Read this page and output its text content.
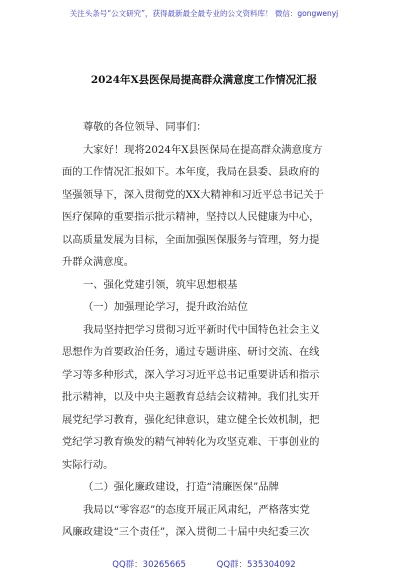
关注头条号“公文研究”，获得最新最全最专业的公文资料库！ 微信：gongwenyj
2024年X县医保局提高群众满意度工作情况汇报

尊敬的各位领导、同事们：

大家好！现将2024年X县医保局在提高群众满意度方

面的工作情况汇报如下。本年度，我局在县委、县政府的

坚强领导下，深入贯彻党的XX大精神和习近平总书记关于

医疗保障的重要指示批示精神，坚持以人民健康为中心，

以高质量发展为目标，全面加强医保服务与管理，努力提

升群众满意度。

一、强化党建引领，筑牢思想根基

（一）加强理论学习，提升政治站位

我局坚持把学习贯彻习近平新时代中国特色社会主义

思想作为首要政治任务，通过专题讲座、研讨交流、在线

学习等多种形式，深入学习习近平总书记重要讲话和指示

批示精神，以及中央主题教育总结会议精神。我们扎实开

展党纪学习教育，强化纪律意识，建立健全长效机制，把

党纪学习教育焕发的精气神转化为攻坚克难、干事创业的

实际行动。

（二）强化廉政建设，打造“清廉医保”品牌

我局以“零容忍”的态度开展正风肃纪，严格落实党

风廉政建设“三个责任”，深入贯彻二十届中央纪委三次

QQ群：30265665	QQ群：535304092
